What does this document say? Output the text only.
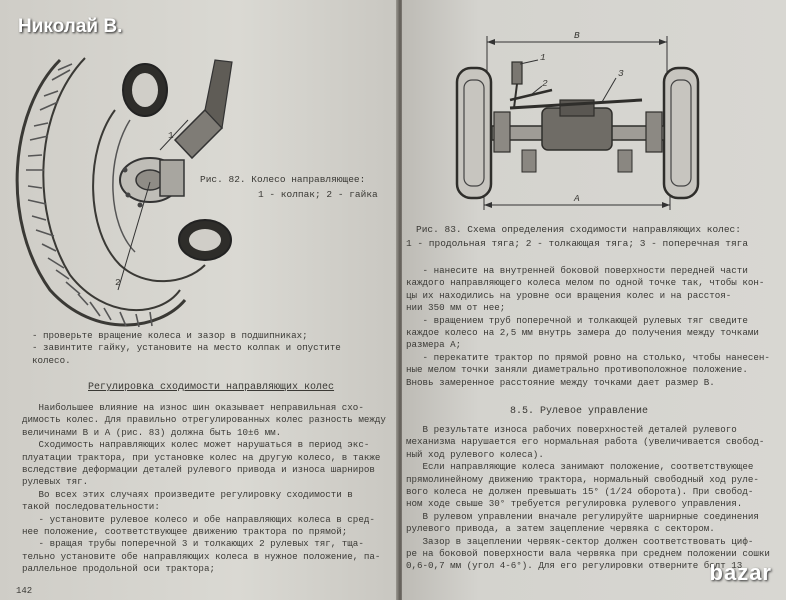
2
1
Рис. 82. Колесо направляющее:
1 - колпак; 2 - гайка

- проверьте вращение колеса и зазор в подшипниках;

- завинтите гайку, установите на место колпак и опустите

колесо.

Регулировка сходимости направляющих колес

Наибольшее влияние на износ шин оказывает неправильная схо-

димость колес. Для правильно отрегулированных колес разность между

величинами В и А (рис. 83) должна быть 10±6 мм.

Сходимость направляющих колес может нарушаться в период экс-

плуатации трактора, при установке колес на другую колесо, в также

вследствие деформации деталей рулевого привода и износа шарниров

рулевых тяг.

Во всех этих случаях произведите регулировку сходимости в

такой последовательности:

- установите рулевое колесо и обе направляющих колеса в сред-

нее положение, соответствующее движению трактора по прямой;

- вращая трубы поперечной 3 и толкающих 2 рулевых тяг, тща-

тельно установите обе направляющих колеса в нужное положение, па-

раллельное продольной оси трактора;

142
В
А
1
2
3
Рис. 83. Схема определения сходимости направляющих колес:
1 - продольная тяга; 2 - толкающая тяга; 3 - поперечная тяга

- нанесите на внутренней боковой поверхности передней части

каждого направляющего колеса мелом по одной точке так, чтобы кон-

цы их находились на уровне оси вращения колес и на расстоя-

нии 350 мм от нее;

- вращением труб поперечной и толкающей рулевых тяг сведите

каждое колесо на 2,5 мм внутрь замера до получения между точками

размера А;

- перекатите трактор по прямой ровно на столько, чтобы нанесен-

ные мелом точки заняли диаметрально противоположное положение.

Вновь замеренное расстояние между точками дает размер В.

8.5. Рулевое управление

В результате износа рабочих поверхностей деталей рулевого

механизма нарушается его нормальная работа (увеличивается свобод-

ный ход рулевого колеса).

Если направляющие колеса занимают положение, соответствующее

прямолинейному движению трактора, нормальный свободный ход руле-

вого колеса не должен превышать 15° (1/24 оборота). При свобод-

ном ходе свыше 30° требуется регулировка рулевого управления.

В рулевом управлении вначале регулируйте шарнирные соединения

рулевого привода, а затем зацепление червяка с сектором.

Зазор в зацеплении червяк-сектор должен соответствовать циф-

ре на боковой поверхности вала червяка при среднем положении сошки

0,6-0,7 мм (угол 4-6°). Для его регулировки отверните болт 13

Николай В.
bazar
